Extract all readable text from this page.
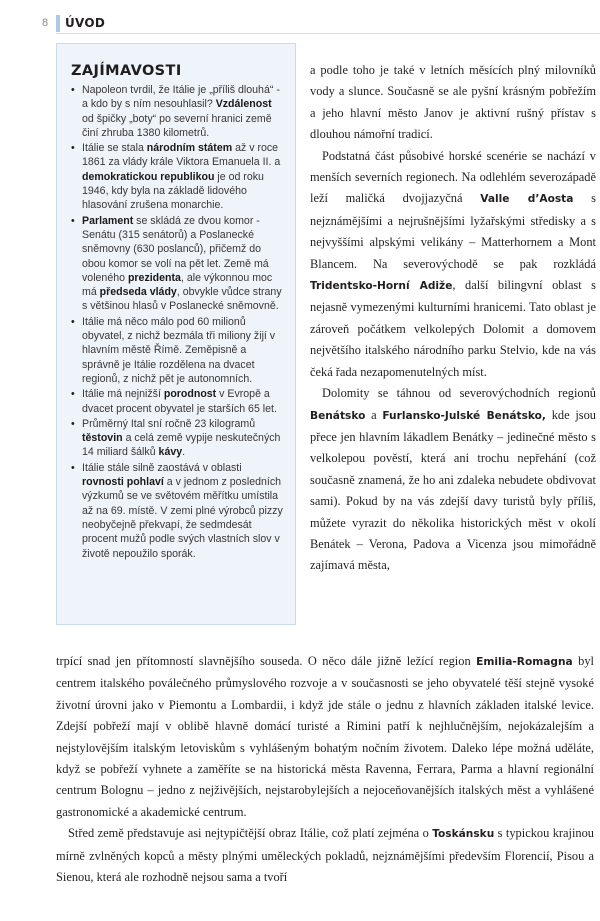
8 ÚVOD
ZAJÍMAVOSTI
• Napoleon tvrdil, že Itálie je „příliš dlouhá“ - a kdo by s ním nesouhlasil? Vzdálenost od špičky „boty“ po severní hranici země činí zhruba 1380 kilometrů.
• Itálie se stala národním státem až v roce 1861 za vlády krále Viktora Emanuela II. a demokratickou republikou je od roku 1946, kdy byla na základě lidového hlasování zrušena monarchie.
• Parlament se skládá ze dvou komor - Senátu (315 senátorů) a Poslanecké sněmovny (630 poslanců), přičemž do obou komor se volí na pět let. Země má voleného prezidenta, ale výkonnou moc má předseda vlády, obvykle vůdce strany s většinou hlasů v Poslanecké sněmovně.
• Itálie má něco málo pod 60 milionů obyvatel, z nichž bezmála tři miliony žijí v hlavním městě Římě. Zeměpisně a správně je Itálie rozdělena na dvacet regionů, z nichž pět je autonomních.
• Itálie má nejnižší porodnost v Evropě a dvacet procent obyvatel je starších 65 let.
• Průměrný Ital sní ročně 23 kilogramů těstovin a celá země vypije neskutečných 14 miliard šálků kávy.
• Itálie stále silně zaostává v oblasti rovnosti pohlaví a v jednom z posledních výzkumů se ve světovém měřítku umístila až na 69. místě. V zemi plné výrobců pizzy neobyčejně překvapí, že sedmdesát procent mužů podle svých vlastních slov v životě nepoužilo sporák.

a podle toho je také v letních měsících plný milovníků vody a slunce. Současně se ale pyšní krásným pobřežím a jeho hlavní město Janov je aktivní rušný přístav s dlouhou námořní tradicí.

Podstatná část působivé horské scenérie se nachází v menších severních regionech. Na odlehlém severozápadě leží maličká dvojjazyčná Valle d’Aosta s nejznámějšími a nejrušnějšími lyžařskými středisky a s nejvyššími alpskými velikány – Matterhornem a Mont Blancem. Na severovýchodě se pak rozkládá Tridentsko-Horní Adiže, další bilingvní oblast s nejasně vymezenými kulturními hranicemi. Tato oblast je zároveň počátkem velkolepých Dolomit a domovem největšího italského národního parku Stelvio, kde na vás čeká řada nezapomenutelných míst.

Dolomity se táhnou od severovýchodních regionů Benátsko a Furlansko-Julské Benátsko, kde jsou přece jen hlavním lákadlem Benátky – jedinečné město s velkolepou pověstí, která ani trochu nepřehání (což současně znamená, že ho ani zdaleka nebudete obdivovat sami). Pokud by na vás zdejší davy turistů byly příliš, můžete vyrazit do několika historických měst v okolí Benátek – Verona, Padova a Vicenza jsou mimořádně zajímavá města,

trpící snad jen přítomností slavnějšího souseda. O něco dále jižně ležící region Emilia-Romagna byl centrem italského poválečného průmyslového rozvoje a v současnosti se jeho obyvatelé těší stejně vysoké životní úrovni jako v Piemontu a Lombardii, i když jde stále o jednu z hlavních základen italské levice. Zdejší pobřeží mají v oblibě hlavně domácí turisté a Rimini patří k nejhlučnějším, nejokázalejším a nejstylovějším italským letoviskům s vyhlášeným bohatým nočním životem. Daleko lépe možná uděláte, když se pobřeží vyhnete a zaměříte se na historická města Ravenna, Ferrara, Parma a hlavní regionální centrum Bolognu – jedno z nejživějších, nejstarobylejších a nejoceňovanějších italských měst a vyhlášené gastronomické a akademické centrum.

Střed země představuje asi nejtypičtější obraz Itálie, což platí zejména o Toskánsku s typickou krajinou mírně zvlněných kopců a městy plnými uměleckých pokladů, nejznámějšími především Florencií, Pisou a Sienou, která ale rozhodně nejsou sama a tvoří
